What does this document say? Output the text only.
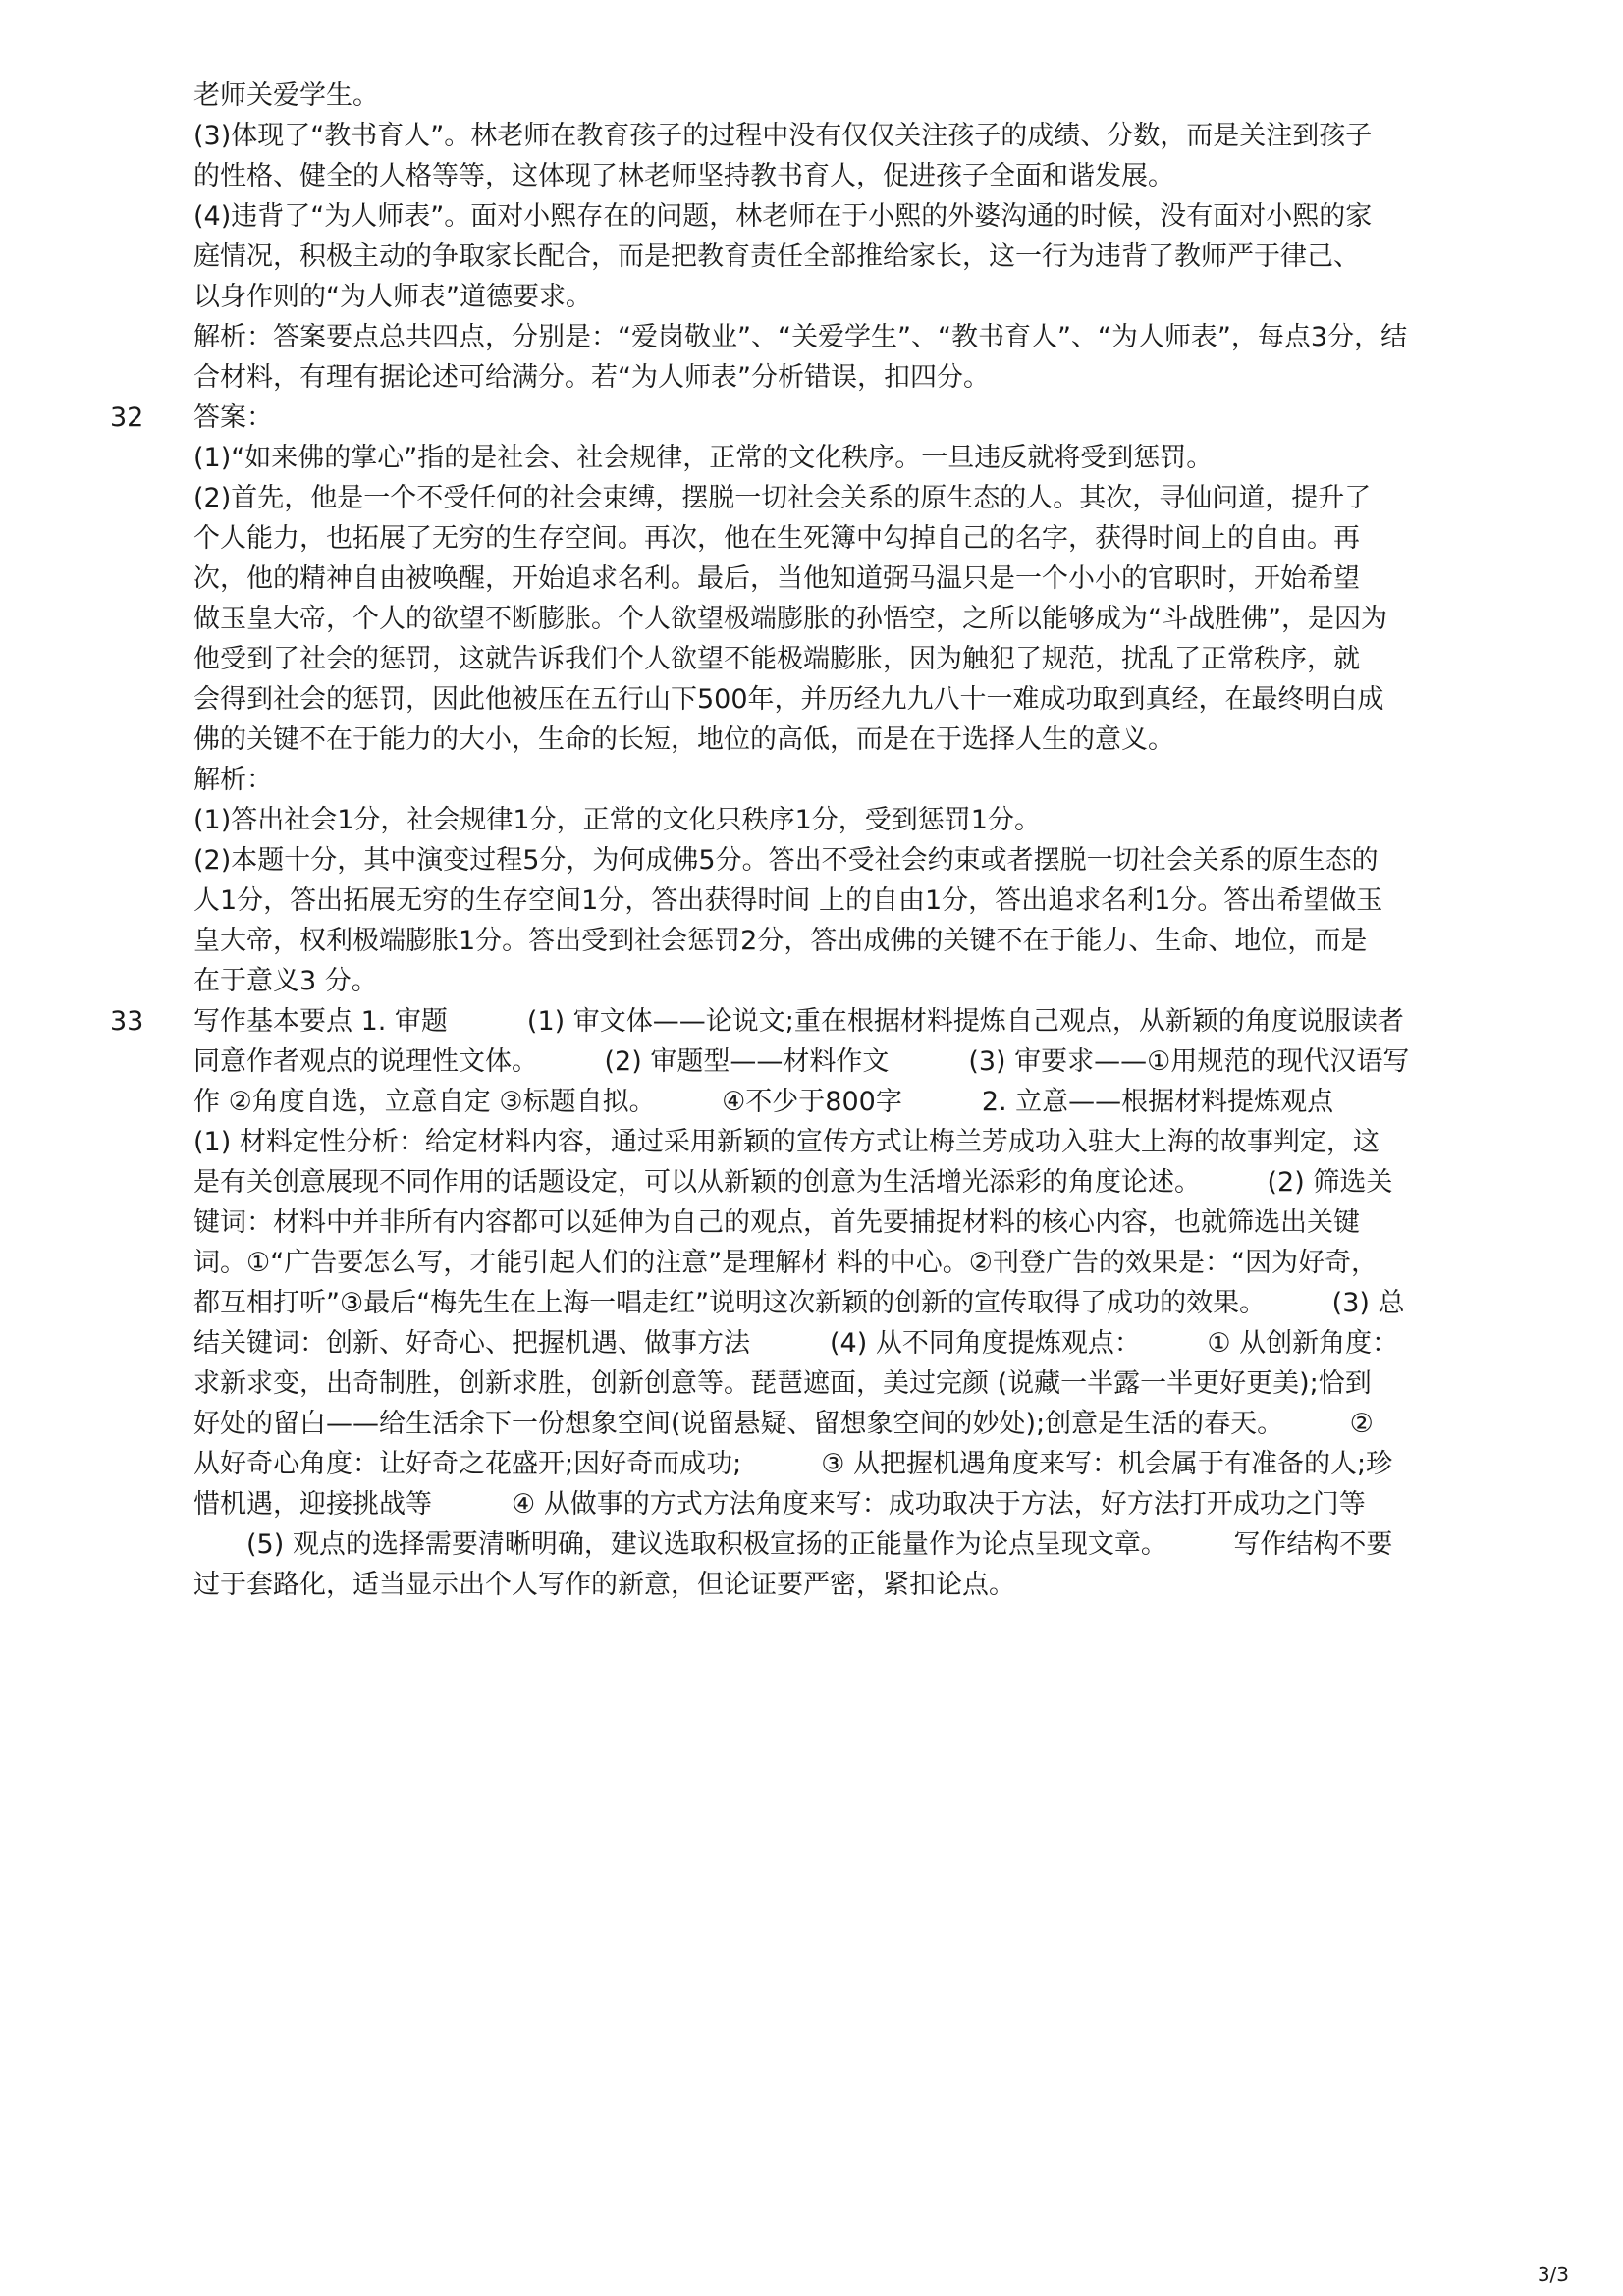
老师关爱学生。
(3)体现了“教书育人”。林老师在教育孩子的过程中没有仅仅关注孩子的成绩、分数，而是关注到孩子
的性格、健全的人格等等，这体现了林老师坚持教书育人，促进孩子全面和谐发展。
(4)违背了“为人师表”。面对小熙存在的问题，林老师在于小熙的外婆沟通的时候，没有面对小熙的家
庭情况，积极主动的争取家长配合，而是把教育责任全部推给家长，这一行为违背了教师严于律己、
以身作则的“为人师表”道德要求。
解析：答案要点总共四点，分别是：“爱岗敬业”、“关爱学生”、“教书育人”、“为人师表”，每点3分，结
合材料，有理有据论述可给满分。若“为人师表”分析错误，扣四分。
32 答案：
(1)“如来佛的掌心”指的是社会、社会规律，正常的文化秩序。一旦违反就将受到惩罚。
(2)首先，他是一个不受任何的社会束缚，摆脱一切社会关系的原生态的人。其次，寻仙问道，提升了
个人能力，也拓展了无穷的生存空间。再次，他在生死簿中勾掉自己的名字，获得时间上的自由。再
次，他的精神自由被唤醒，开始追求名利。最后，当他知道弼马温只是一个小小的官职时，开始希望
做玉皇大帝，个人的欲望不断膨胀。个人欲望极端膨胀的孙悟空，之所以能够成为“斗战胜佛”，是因为
他受到了社会的惩罚，这就告诉我们个人欲望不能极端膨胀，因为触犯了规范，扰乱了正常秩序，就
会得到社会的惩罚，因此他被压在五行山下500年，并历经九九八十一难成功取到真经，在最终明白成
佛的关键不在于能力的大小，生命的长短，地位的高低，而是在于选择人生的意义。
解析：
(1)答出社会1分，社会规律1分，正常的文化只秩序1分，受到惩罚1分。
(2)本题十分，其中演变过程5分，为何成佛5分。答出不受社会约束或者摆脱一切社会关系的原生态的
人1分，答出拓展无穷的生存空间1分，答出获得时间 上的自由1分，答出追求名利1分。答出希望做玉
皇大帝，权利极端膨胀1分。答出受到社会惩罚2分，答出成佛的关键不在于能力、生命、地位，而是
在于意义3 分。
33 写作基本要点 1. 审题　　　(1) 审文体——论说文;重在根据材料提炼自己观点，从新颖的角度说服读者
同意作者观点的说理性文体。　　　(2) 审题型——材料作文　　　(3) 审要求——①用规范的现代汉语写
作 ②角度自选，立意自定 ③标题自拟。　　　④不少于800字　　　2. 立意——根据材料提炼观点
(1) 材料定性分析：给定材料内容，通过采用新颖的宣传方式让梅兰芳成功入驻大上海的故事判定，这
是有关创意展现不同作用的话题设定，可以从新颖的创意为生活增光添彩的角度论述。　　　(2) 筛选关
键词：材料中并非所有内容都可以延伸为自己的观点，首先要捕捉材料的核心内容，也就筛选出关键
词。①“广告要怎么写，才能引起人们的注意”是理解材 料的中心。②刊登广告的效果是：“因为好奇，
都互相打听”③最后“梅先生在上海一唱走红”说明这次新颖的创新的宣传取得了成功的效果。　　　(3) 总
结关键词：创新、好奇心、把握机遇、做事方法　　　(4) 从不同角度提炼观点：　　　① 从创新角度：
求新求变，出奇制胜，创新求胜，创新创意等。琵琶遮面，美过完颜 (说藏一半露一半更好更美);恰到
好处的留白——给生活余下一份想象空间(说留悬疑、留想象空间的妙处);创意是生活的春天。　　　②
从好奇心角度：让好奇之花盛开;因好奇而成功;　　　③ 从把握机遇角度来写：机会属于有准备的人;珍
惜机遇，迎接挑战等　　　④ 从做事的方式方法角度来写：成功取决于方法，好方法打开成功之门等
　　(5) 观点的选择需要清晰明确，建议选取积极宣扬的正能量作为论点呈现文章。　　　写作结构不要
过于套路化，适当显示出个人写作的新意，但论证要严密，紧扣论点。
3/3
